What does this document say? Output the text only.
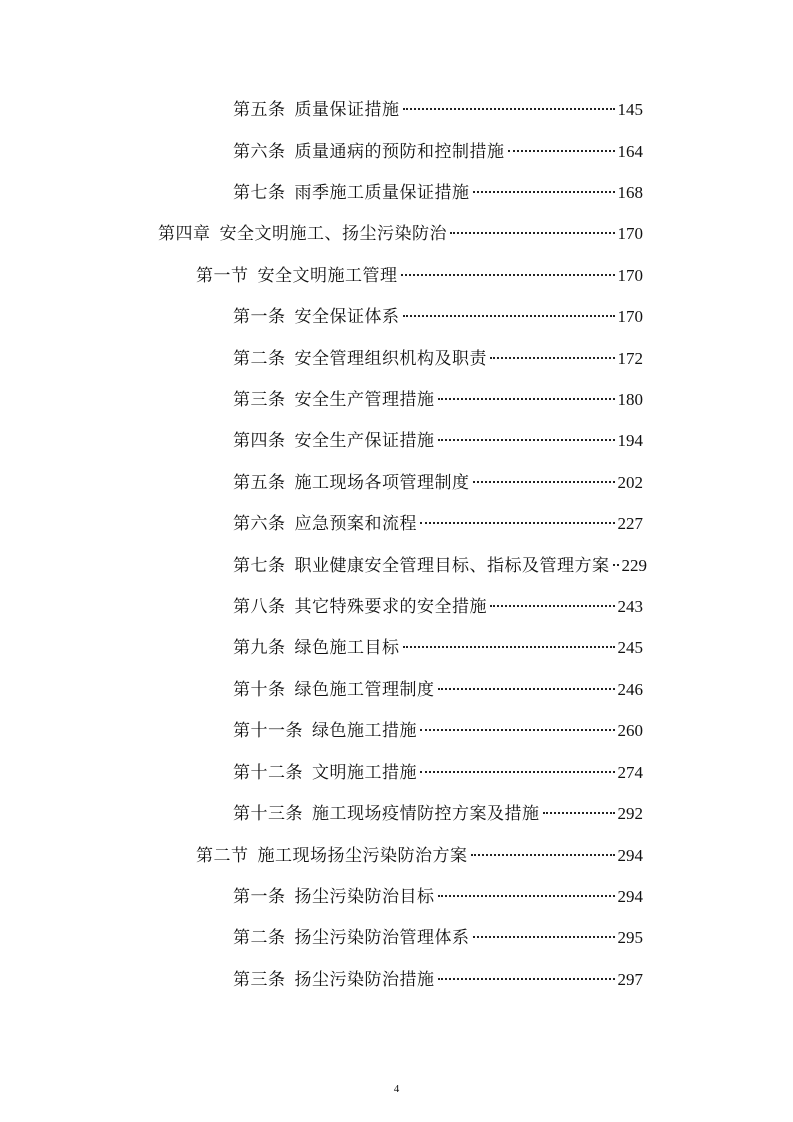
第五条 质量保证措施	145
第六条 质量通病的预防和控制措施	164
第七条 雨季施工质量保证措施	168
第四章 安全文明施工、扬尘污染防治	170
第一节 安全文明施工管理	170
第一条 安全保证体系	170
第二条 安全管理组织机构及职责	172
第三条 安全生产管理措施	180
第四条 安全生产保证措施	194
第五条 施工现场各项管理制度	202
第六条 应急预案和流程	227
第七条 职业健康安全管理目标、指标及管理方案 229
第八条 其它特殊要求的安全措施	243
第九条 绿色施工目标	245
第十条 绿色施工管理制度	246
第十一条 绿色施工措施	260
第十二条 文明施工措施	274
第十三条 施工现场疫情防控方案及措施	292
第二节 施工现场扬尘污染防治方案	294
第一条 扬尘污染防治目标	294
第二条 扬尘污染防治管理体系	295
第三条 扬尘污染防治措施	297
4
